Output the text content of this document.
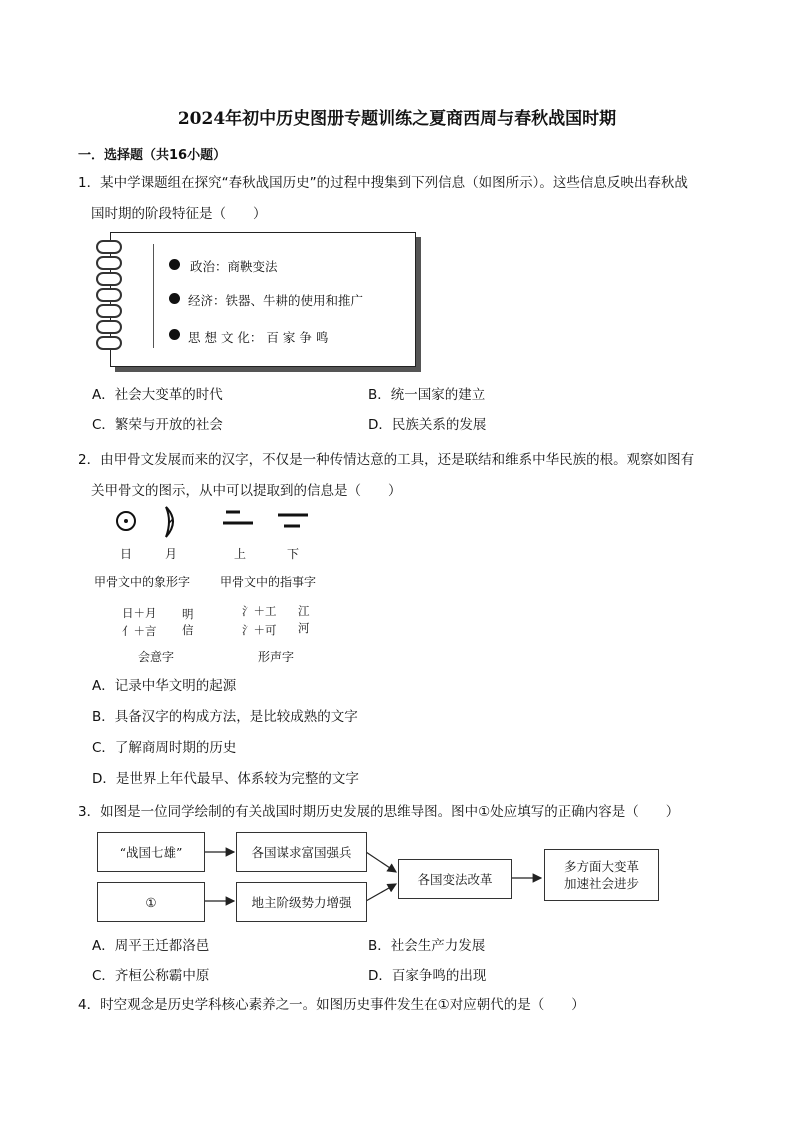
2024年初中历史图册专题训练之夏商西周与春秋战国时期
一．选择题（共16小题）
1．某中学课题组在探究“春秋战国历史”的过程中搜集到下列信息（如图所示）。这些信息反映出春秋战
国时期的阶段特征是（　　）
政治：商鞅变法
经济：铁器、牛耕的使用和推广
思 想 文 化： 百 家 争 鸣
A．社会大变革的时代	B．统一国家的建立
C．繁荣与开放的社会	D．民族关系的发展
2．由甲骨文发展而来的汉字，不仅是一种传情达意的工具，还是联结和维系中华民族的根。观察如图有
关甲骨文的图示，从中可以提取到的信息是（　　）
日	月	上	下
甲骨文中的象形字 甲骨文中的指事字
日＋月 明
亻＋言 信
氵＋工 江
氵＋可 河
会意字	形声字
A．记录中华文明的起源
B．具备汉字的构成方法，是比较成熟的文字
C．了解商周时期的历史
D．是世界上年代最早、体系较为完整的文字
3．如图是一位同学绘制的有关战国时期历史发展的思维导图。图中①处应填写的正确内容是（　　）
“战国七雄”	各国谋求富国强兵
①	地主阶级势力增强
各国变法改革
多方面大变革
加速社会进步
A．周平王迁都洛邑	B．社会生产力发展
C．齐桓公称霸中原	D．百家争鸣的出现
4．时空观念是历史学科核心素养之一。如图历史事件发生在①对应朝代的是（　　）
